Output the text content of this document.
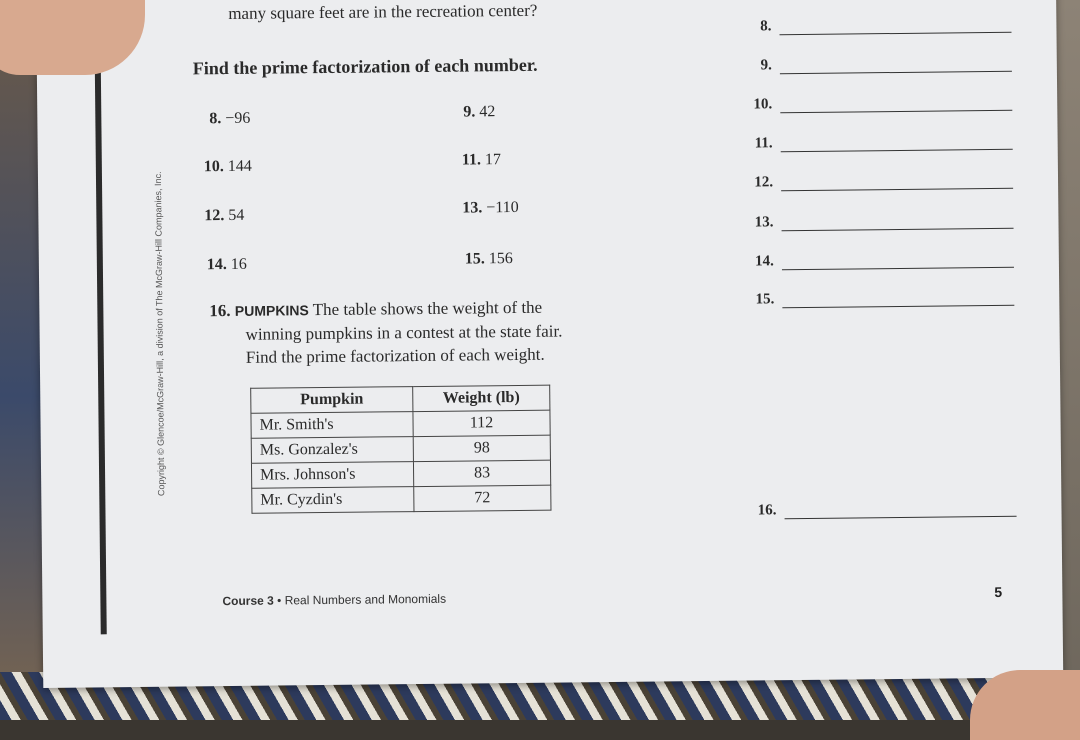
Copyright © Glencoe/McGraw-Hill, a division of The McGraw-Hill Companies, Inc.
many square feet are in the recreation center?
Find the prime factorization of each number.
8. −96	9. 42
10. 144	11. 17
12. 54	13. −110
14. 16	15. 156
16. PUMPKINS The table shows the weight of the
winning pumpkins in a contest at the state fair.
Find the prime factorization of each weight.
Pumpkin	Weight (lb)
Mr. Smith's	112
Ms. Gonzalez's	98
Mrs. Johnson's	83
Mr. Cyzdin's	72
8.
9.
10.
11.
12.
13.
14.
15.
16.
Course 3 • Real Numbers and Monomials	5
